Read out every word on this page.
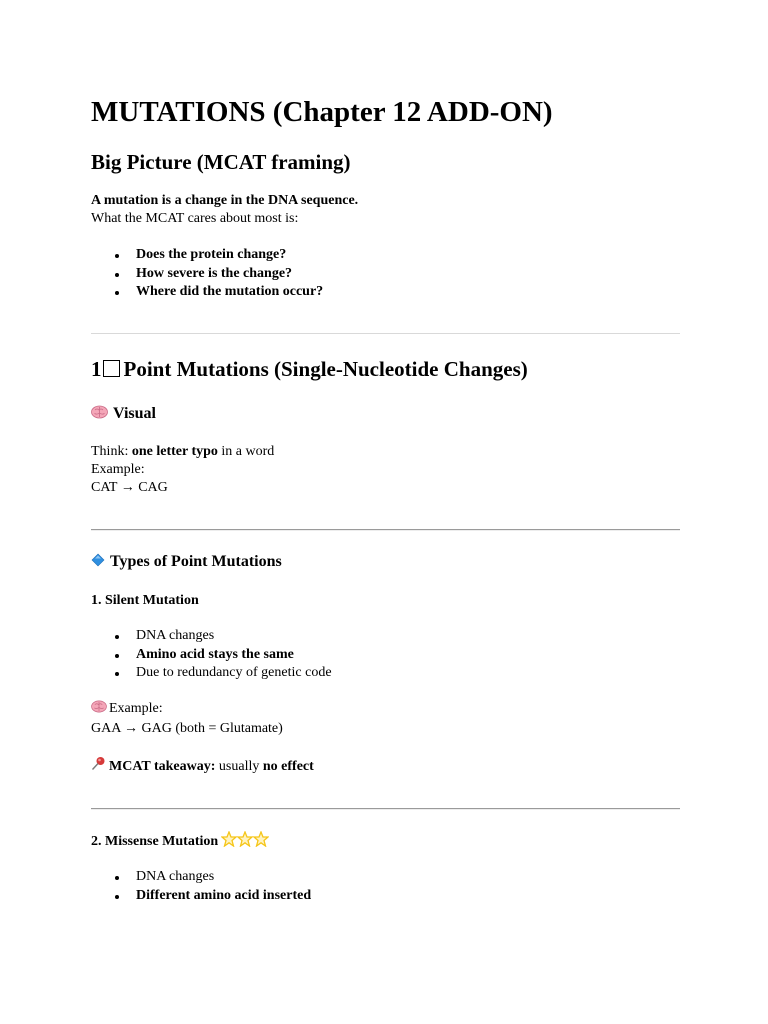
MUTATIONS (Chapter 12 ADD-ON)
Big Picture (MCAT framing)
A mutation is a change in the DNA sequence.
What the MCAT cares about most is:
Does the protein change?
How severe is the change?
Where did the mutation occur?
1 Point Mutations (Single-Nucleotide Changes)
Visual
Think: one letter typo in a word
Example:
CAT → CAG
Types of Point Mutations
1. Silent Mutation
DNA changes
Amino acid stays the same
Due to redundancy of genetic code
Example:
GAA → GAG (both = Glutamate)
MCAT takeaway: usually no effect
2. Missense Mutation
DNA changes
Different amino acid inserted
